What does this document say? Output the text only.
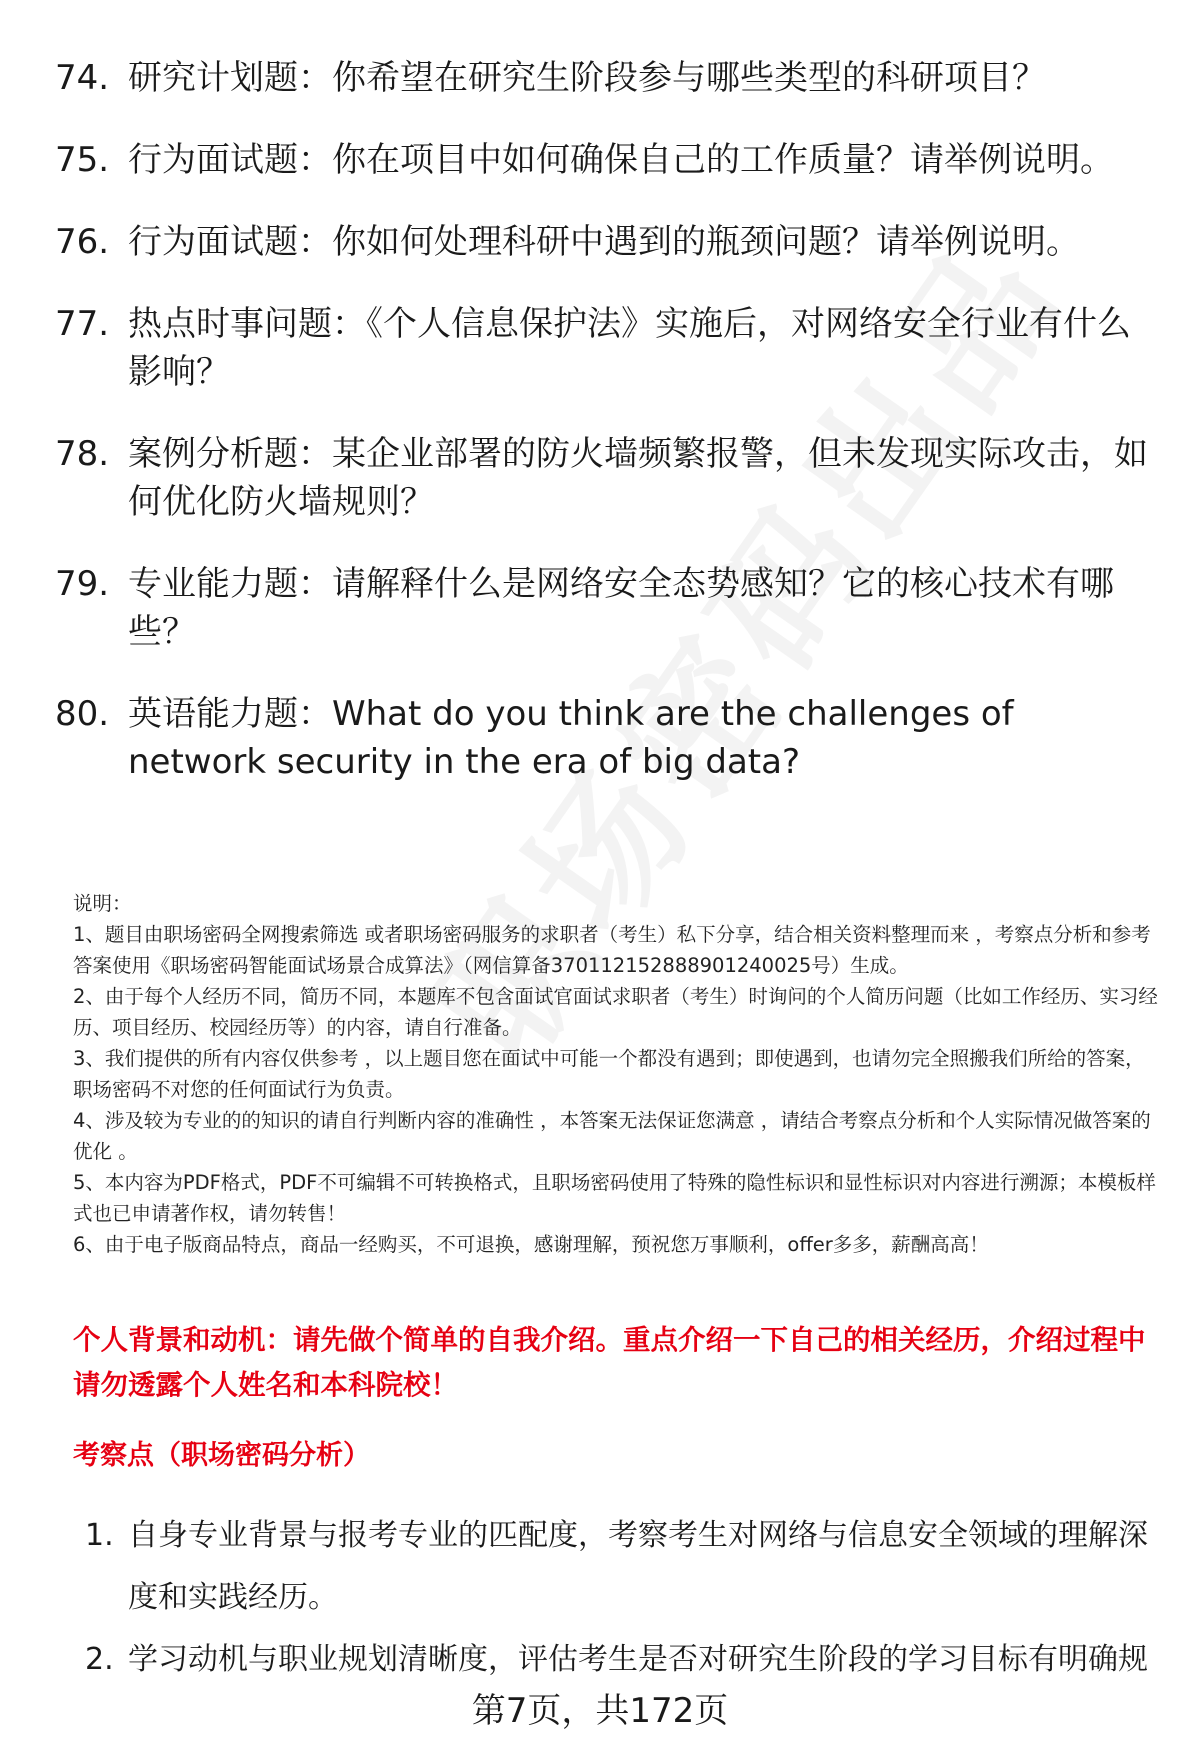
74. 研究计划题：你希望在研究生阶段参与哪些类型的科研项目？
75. 行为面试题：你在项目中如何确保自己的工作质量？请举例说明。
76. 行为面试题：你如何处理科研中遇到的瓶颈问题？请举例说明。
77. 热点时事问题：《个人信息保护法》实施后，对网络安全行业有什么影响？
78. 案例分析题：某企业部署的防火墙频繁报警，但未发现实际攻击，如何优化防火墙规则？
79. 专业能力题：请解释什么是网络安全态势感知？它的核心技术有哪些？
80. 英语能力题：What do you think are the challenges of network security in the era of big data?

说明：

1、题目由职场密码全网搜索筛选 或者职场密码服务的求职者（考生）私下分享，结合相关资料整理而来 ，考察点分析和参考答案使用《职场密码智能面试场景合成算法》（网信算备370112152888901240025号）生成。

2、由于每个人经历不同，简历不同，本题库不包含面试官面试求职者（考生）时询问的个人简历问题（比如工作经历、实习经历、项目经历、校园经历等）的内容，请自行准备。

3、我们提供的所有内容仅供参考 ，以上题目您在面试中可能一个都没有遇到；即使遇到，也请勿完全照搬我们所给的答案，职场密码不对您的任何面试行为负责。

4、涉及较为专业的的知识的请自行判断内容的准确性 ，本答案无法保证您满意 ，请结合考察点分析和个人实际情况做答案的优化 。

5、本内容为PDF格式，PDF不可编辑不可转换格式，且职场密码使用了特殊的隐性标识和显性标识对内容进行溯源；本模板样式也已申请著作权，请勿转售！

6、由于电子版商品特点，商品一经购买，不可退换，感谢理解，预祝您万事顺利，offer多多，薪酬高高！

个人背景和动机：请先做个简单的自我介绍。重点介绍一下自己的相关经历，介绍过程中请勿透露个人姓名和本科院校！
考察点（职场密码分析）
1. 自身专业背景与报考专业的匹配度，考察考生对网络与信息安全领域的理解深度和实践经历。
2. 学习动机与职业规划清晰度，评估考生是否对研究生阶段的学习目标有明确规
第7页，共172页
